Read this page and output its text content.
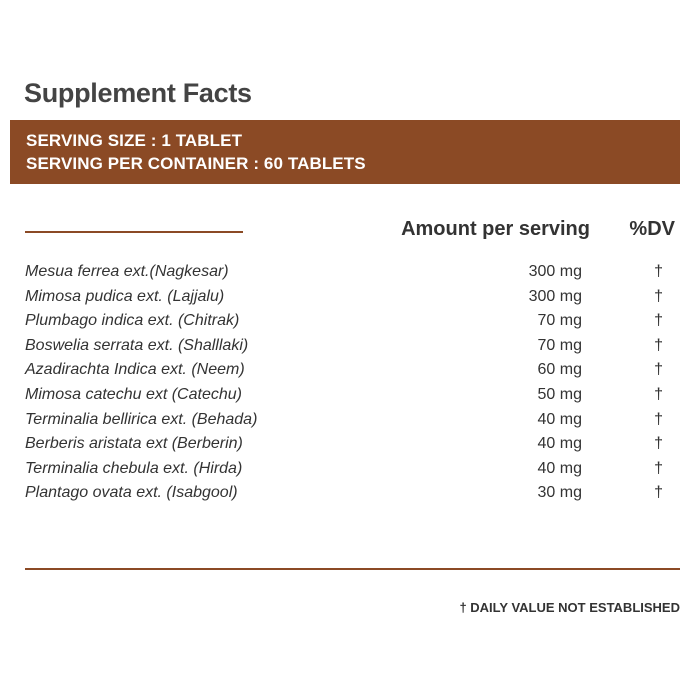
Supplement Facts
SERVING SIZE : 1 TABLET
SERVING PER CONTAINER : 60 TABLETS
Amount per serving %DV
Mesua ferrea ext.(Nagkesar)	300 mg	†
Mimosa pudica ext. (Lajjalu)	300 mg	†
Plumbago indica ext. (Chitrak)	70 mg	†
Boswelia serrata ext. (Shalllaki)	70 mg	†
Azadirachta Indica ext. (Neem)	60 mg	†
Mimosa catechu ext (Catechu)	50 mg	†
Terminalia bellirica ext. (Behada)	40 mg	†
Berberis aristata ext (Berberin)	40 mg	†
Terminalia chebula ext. (Hirda)	40 mg	†
Plantago ovata ext. (Isabgool)	30 mg	†
† DAILY VALUE NOT ESTABLISHED
